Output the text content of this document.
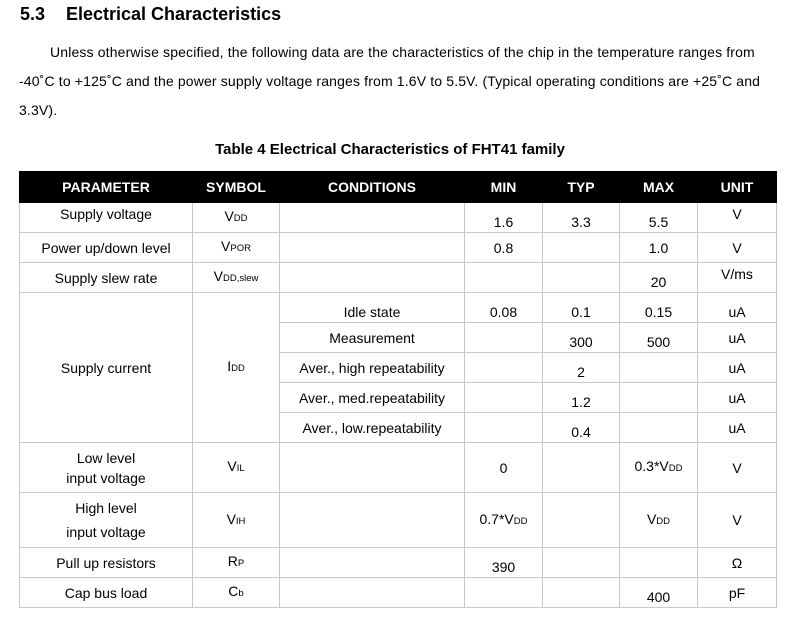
5.3 Electrical Characteristics
Unless otherwise specified, the following data are the characteristics of the chip in the temperature ranges from -40˚C to +125˚C and the power supply voltage ranges from 1.6V to 5.5V. (Typical operating conditions are +25˚C and 3.3V).
Table 4 Electrical Characteristics of FHT41 family
PARAMETER	SYMBOL	CONDITIONS	MIN	TYP	MAX	UNIT
Supply voltage	VDD		1.6	3.3	5.5	V
Power up/down level	VPOR		0.8		1.0	V
Supply slew rate	VDD,slew				20	V/ms
Supply current	IDD	Idle state	0.08	0.1	0.15	uA
		Measurement		300	500	uA
		Aver., high repeatability		2		uA
		Aver., med.repeatability		1.2		uA
		Aver., low.repeatability		0.4		uA

Low level
input voltage	VIL		0		0.3*VDD	V

High level
input voltage	VIH		0.7*VDD		VDD	V
Pull up resistors	RP		390			Ω
Cap bus load	Cb				400	pF
